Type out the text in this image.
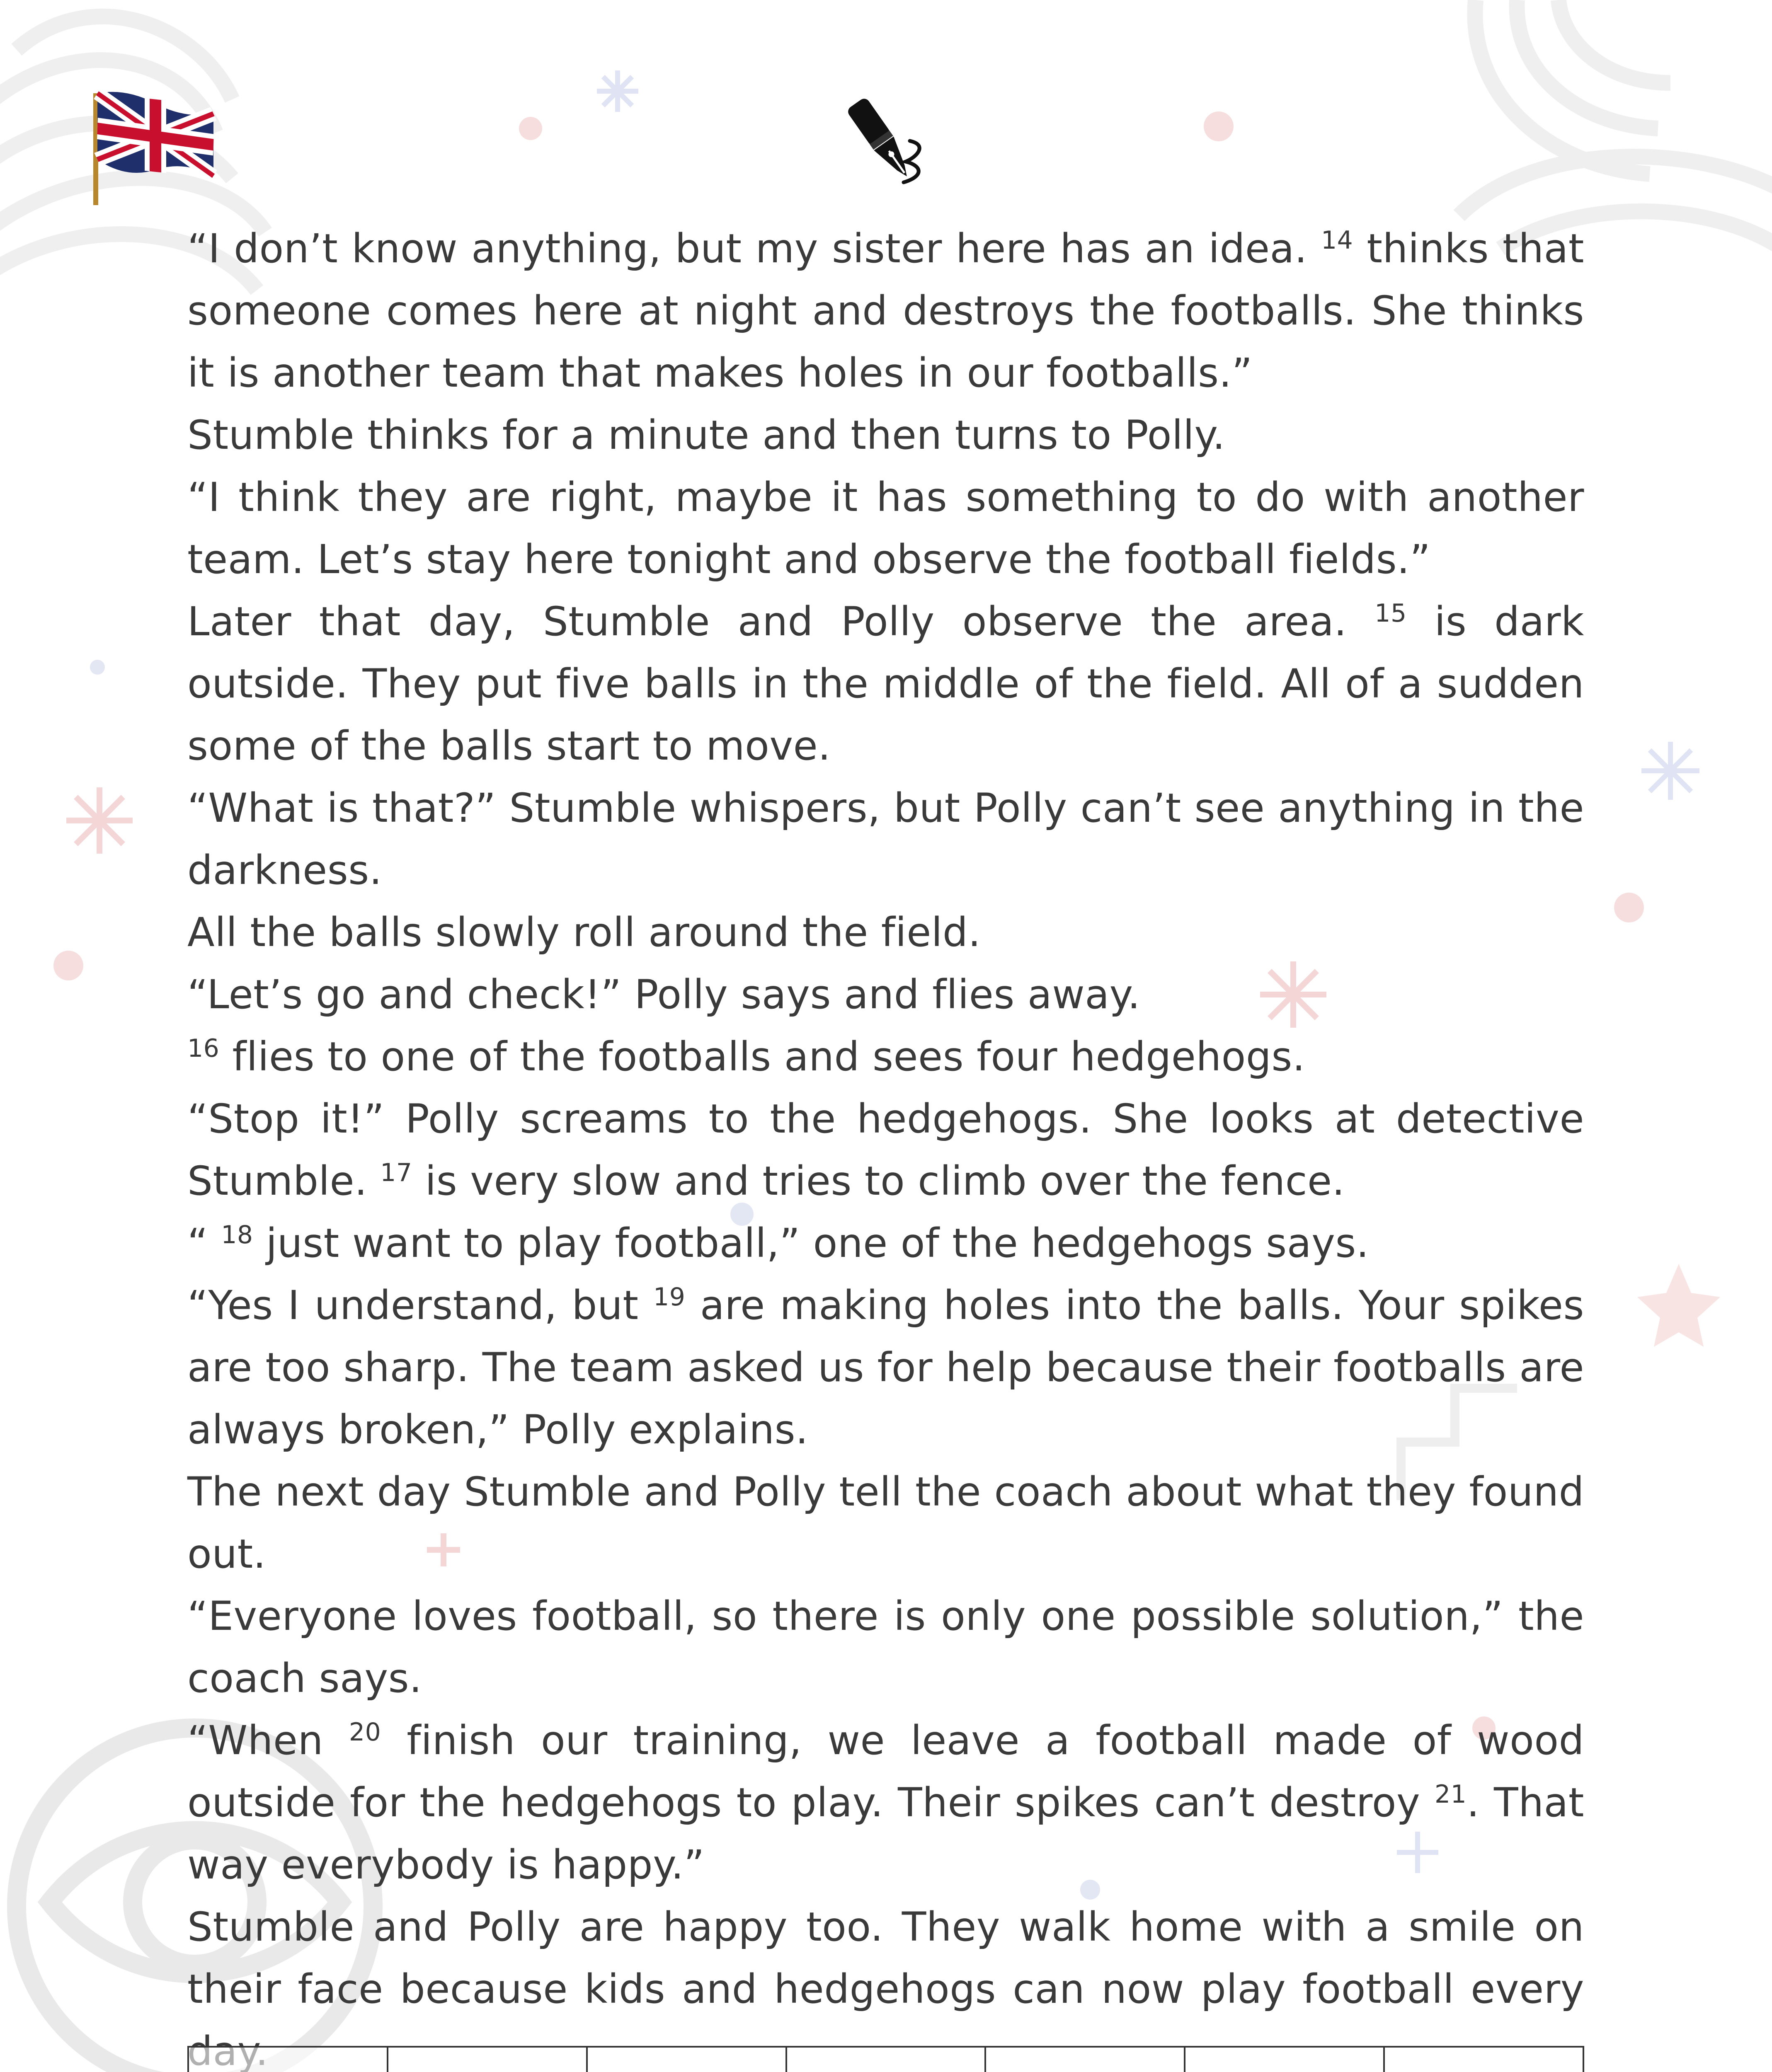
“I don’t know anything, but my sister here has an idea. $^{14}$ thinks that someone comes here at night and destroys the footballs. She thinks it is another team that makes holes in our footballs.”

Stumble thinks for a minute and then turns to Polly.

“I think they are right, maybe it has something to do with another team. Let’s stay here tonight and observe the football fields.”

Later that day, Stumble and Polly observe the area. $^{15}$ is dark outside. They put five balls in the middle of the field. All of a sudden some of the balls start to move.

“What is that?” Stumble whispers, but Polly can’t see anything in the darkness.

All the balls slowly roll around the field.

“Let’s go and check!” Polly says and flies away.

$^{16}$ flies to one of the footballs and sees four hedgehogs.

“Stop it!” Polly screams to the hedgehogs. She looks at detective Stumble. $^{17}$ is very slow and tries to climb over the fence.

“ $^{18}$ just want to play football,” one of the hedgehogs says.

“Yes I understand, but $^{19}$ are making holes into the balls. Your spikes are too sharp. The team asked us for help because their footballs are always broken,” Polly explains.

The next day Stumble and Polly tell the coach about what they found out.

“Everyone loves football, so there is only one possible solution,” the coach says.

“When $^{20}$ finish our training, we leave a football made of wood outside for the hedgehogs to play. Their spikes can’t destroy $^{21}$. That way everybody is happy.”

Stumble and Polly are happy too. They walk home with a smile on their face because kids and hedgehogs can now play football every
